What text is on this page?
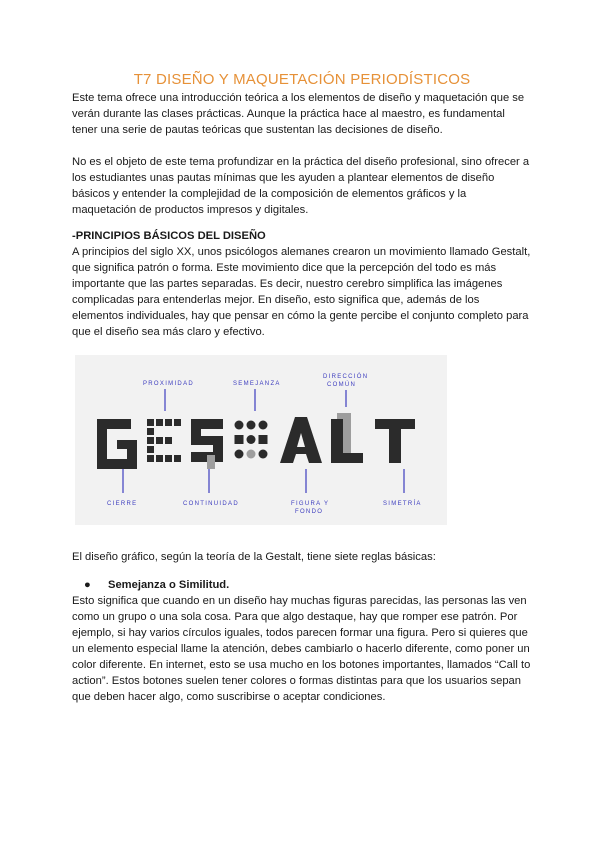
T7 DISEÑO Y MAQUETACIÓN PERIODÍSTICOS

Este tema ofrece una introducción teórica a los elementos de diseño y maquetación que se

verán durante las clases prácticas. Aunque la práctica hace al maestro, es fundamental

tener una serie de pautas teóricas que sustentan las decisiones de diseño.

No es el objeto de este tema profundizar en la práctica del diseño profesional, sino ofrecer a

los estudiantes unas pautas mínimas que les ayuden a plantear elementos de diseño

básicos y entender la complejidad de la composición de elementos gráficos y la

maquetación de productos impresos y digitales.

-PRINCIPIOS BÁSICOS DEL DISEÑO

A principios del siglo XX, unos psicólogos alemanes crearon un movimiento llamado Gestalt,

que significa patrón o forma. Este movimiento dice que la percepción del todo es más

importante que las partes separadas. Es decir, nuestro cerebro simplifica las imágenes

complicadas para entenderlas mejor. En diseño, esto significa que, además de los

elementos individuales, hay que pensar en cómo la gente percibe el conjunto completo para

que el diseño sea más claro y efectivo.

PROXIMIDAD	SEMEJANZA
DIRECCIÓN
COMÚN
CIERRE	CONTINUIDAD	FIGURA Y
FONDO
SIMETRÍA

El diseño gráfico, según la teoría de la Gestalt, tiene siete reglas básicas:

●	Semejanza o Similitud.

Esto significa que cuando en un diseño hay muchas figuras parecidas, las personas las ven

como un grupo o una sola cosa. Para que algo destaque, hay que romper ese patrón. Por

ejemplo, si hay varios círculos iguales, todos parecen formar una figura. Pero si quieres que

un elemento especial llame la atención, debes cambiarlo o hacerlo diferente, como poner un

color diferente. En internet, esto se usa mucho en los botones importantes, llamados “Call to

action”. Estos botones suelen tener colores o formas distintas para que los usuarios sepan

que deben hacer algo, como suscribirse o aceptar condiciones.
